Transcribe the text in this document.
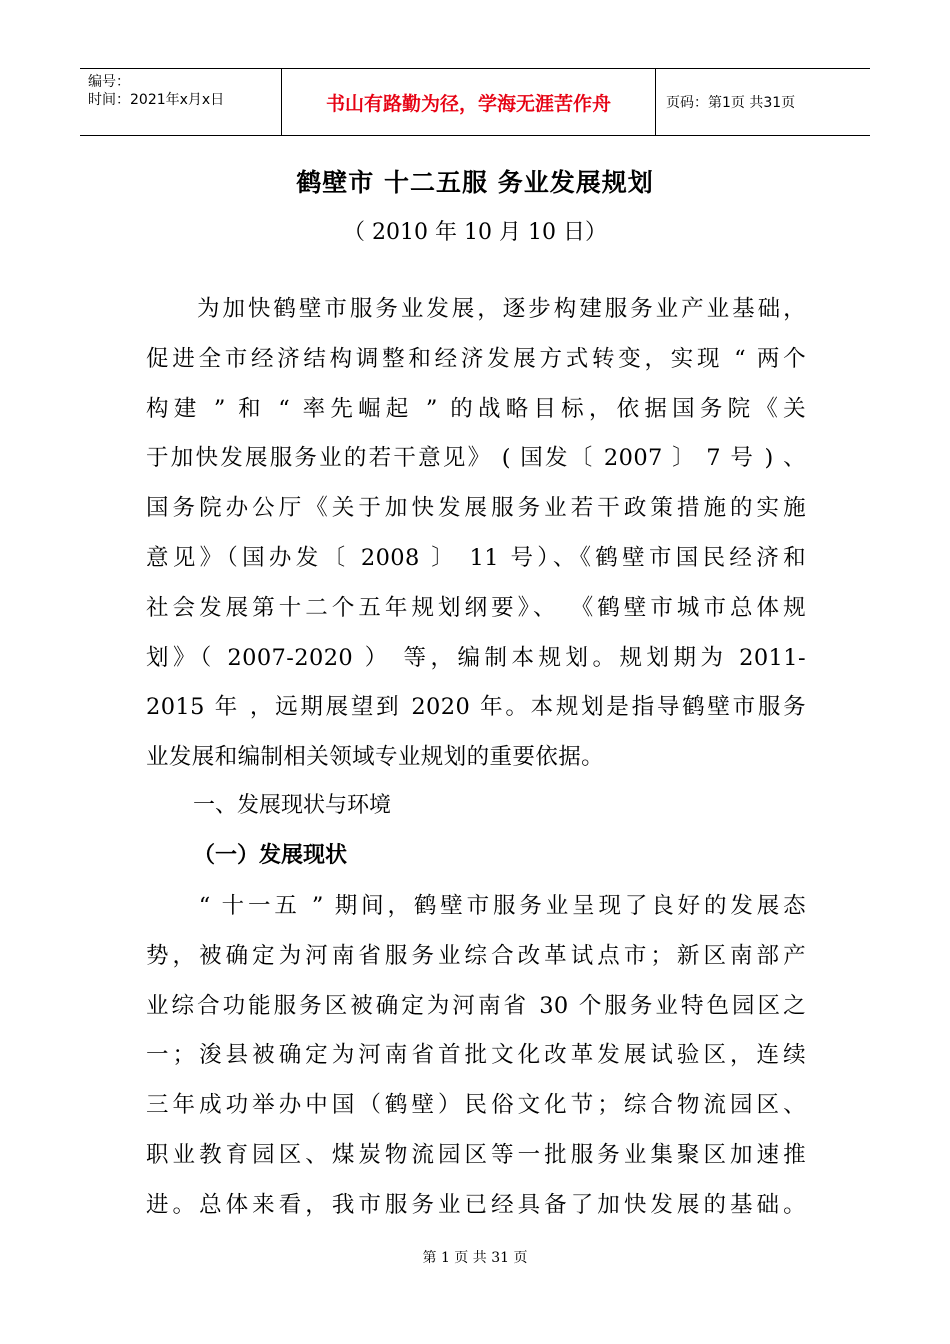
编号：
时间：2021年x月x日	书山有路勤为径，学海无涯苦作舟	页码：第1页 共31页
鹤壁市 十二五服 务业发展规划
（ 2010 年 10 月 10 日）
　　为加快鹤壁市服务业发展，逐步构建服务业产业基础，
促进全市经济结构调整和经济发展方式转变，实现 “ 两个
构建 ” 和 “ 率先崛起 ” 的战略目标，依据国务院《关
于加快发展服务业的若干意见》 ( 国发〔 2007 〕 7 号 ) 、
国务院办公厅《关于加快发展服务业若干政策措施的实施
意见》（国办发〔 2008 〕 11 号）、《鹤壁市国民经济和
社会发展第十二个五年规划纲要》、 《鹤壁市城市总体规
划》（ 2007-2020 ） 等，编制本规划。规划期为 2011-
2015 年 ，远期展望到 2020 年。本规划是指导鹤壁市服务
业发展和编制相关领域专业规划的重要依据。
一、发展现状与环境
（一）发展现状
　　“ 十一五 ” 期间，鹤壁市服务业呈现了良好的发展态
势，被确定为河南省服务业综合改革试点市；新区南部产
业综合功能服务区被确定为河南省 30 个服务业特色园区之
一；浚县被确定为河南省首批文化改革发展试验区，连续
三年成功举办中国（鹤壁）民俗文化节；综合物流园区、
职业教育园区、煤炭物流园区等一批服务业集聚区加速推
进。总体来看，我市服务业已经具备了加快发展的基础。
第 1 页 共 31 页
